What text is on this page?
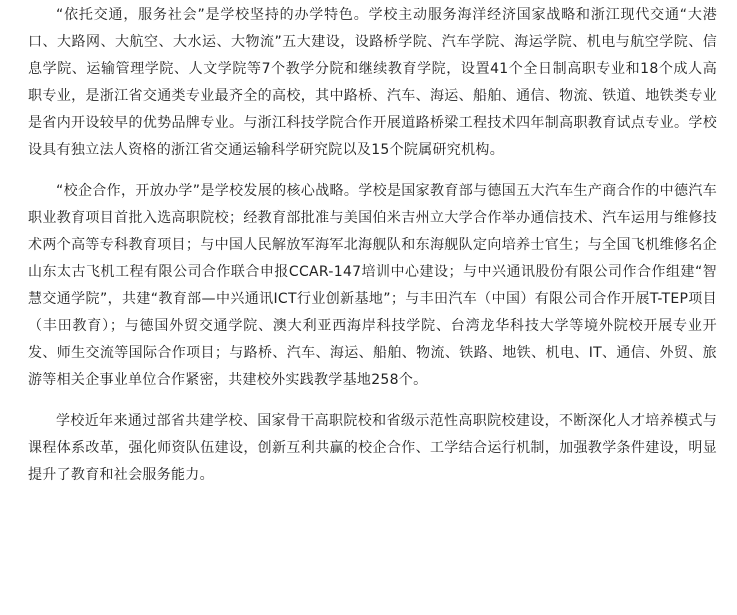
“依托交通，服务社会”是学校坚持的办学特色。学校主动服务海洋经济国家战略和浙江现代交通“大港口、大路网、大航空、大水运、大物流”五大建设，设路桥学院、汽车学院、海运学院、机电与航空学院、信息学院、运输管理学院、人文学院等7个教学分院和继续教育学院，设置41个全日制高职专业和18个成人高职专业，是浙江省交通类专业最齐全的高校，其中路桥、汽车、海运、船舶、通信、物流、铁道、地铁类专业是省内开设较早的优势品牌专业。与浙江科技学院合作开展道路桥梁工程技术四年制高职教育试点专业。学校设具有独立法人资格的浙江省交通运输科学研究院以及15个院属研究机构。

“校企合作，开放办学”是学校发展的核心战略。学校是国家教育部与德国五大汽车生产商合作的中德汽车职业教育项目首批入选高职院校；经教育部批准与美国伯米吉州立大学合作举办通信技术、汽车运用与维修技术两个高等专科教育项目；与中国人民解放军海军北海舰队和东海舰队定向培养士官生；与全国飞机维修名企山东太古飞机工程有限公司合作联合申报CCAR-147培训中心建设；与中兴通讯股份有限公司作合作组建“智慧交通学院”，共建“教育部—中兴通讯ICT行业创新基地”；与丰田汽车（中国）有限公司合作开展T-TEP项目（丰田教育）；与德国外贸交通学院、澳大利亚西海岸科技学院、台湾龙华科技大学等境外院校开展专业开发、师生交流等国际合作项目；与路桥、汽车、海运、船舶、物流、铁路、地铁、机电、IT、通信、外贸、旅游等相关企事业单位合作紧密，共建校外实践教学基地258个。

学校近年来通过部省共建学校、国家骨干高职院校和省级示范性高职院校建设，不断深化人才培养模式与课程体系改革，强化师资队伍建设，创新互利共赢的校企合作、工学结合运行机制，加强教学条件建设，明显提升了教育和社会服务能力。
